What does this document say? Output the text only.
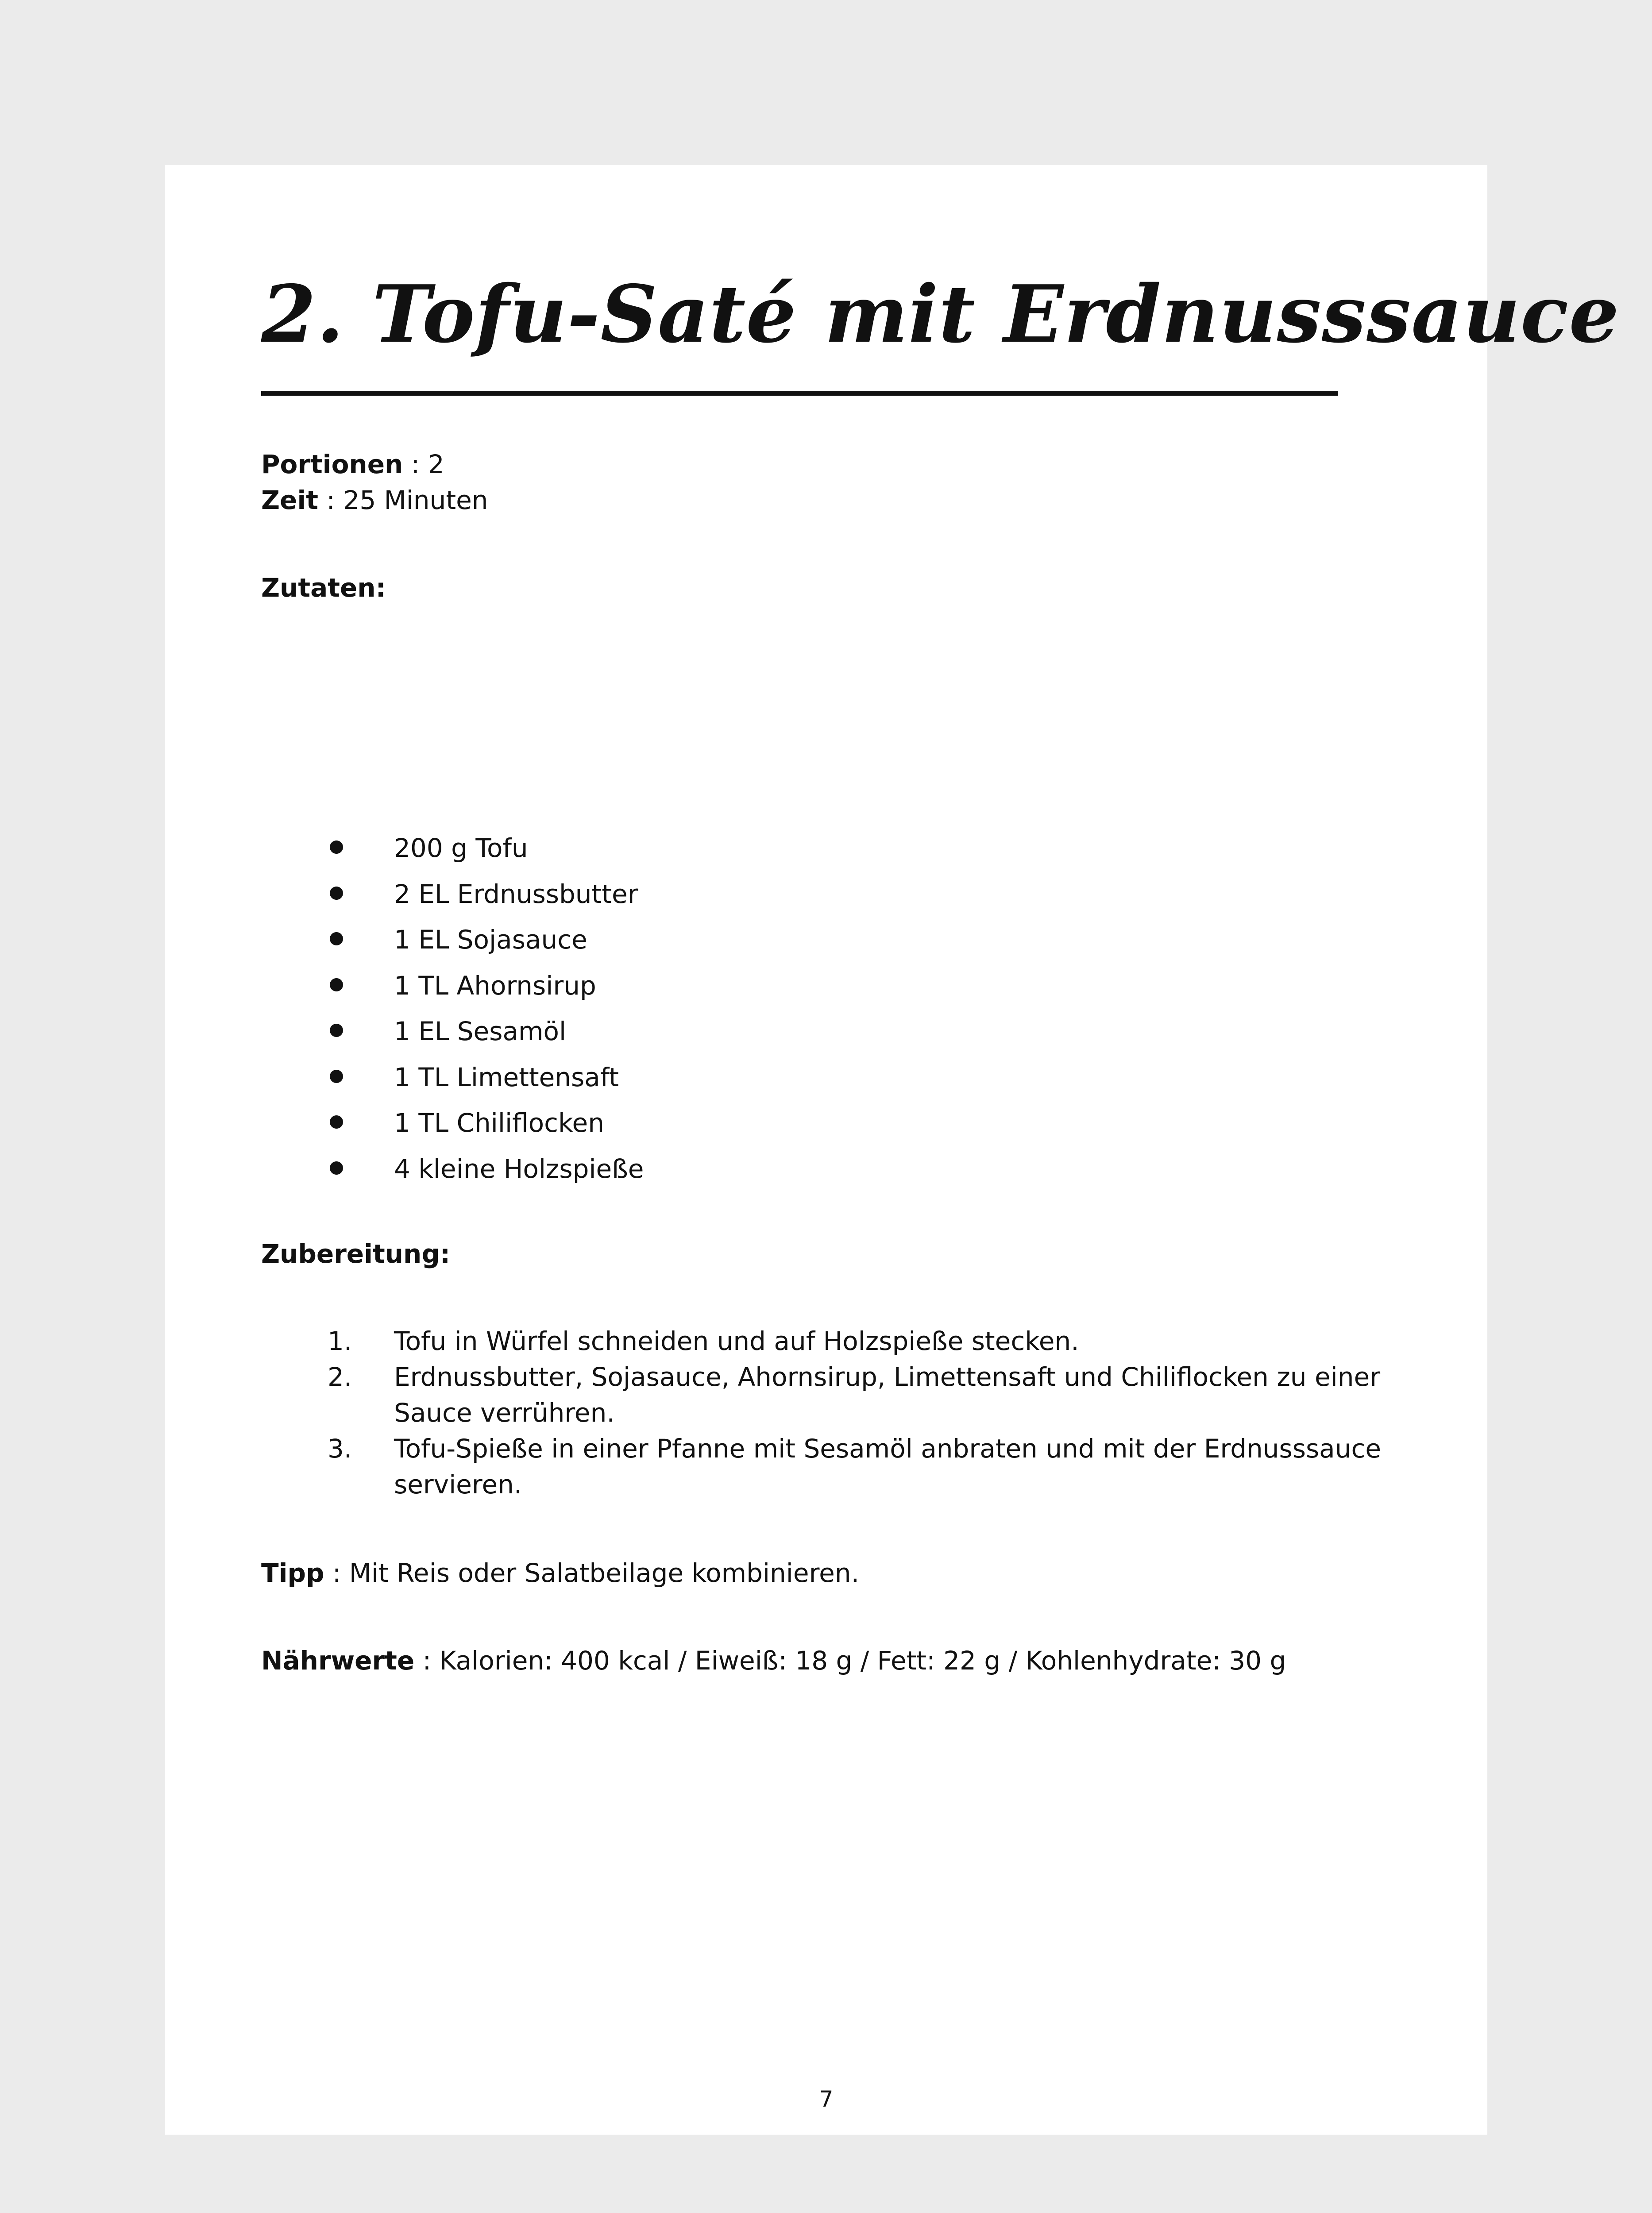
2. Tofu-Saté mit Erdnusssauce
Portionen : 2
Zeit : 25 Minuten
Zutaten:
200 g Tofu
2 EL Erdnussbutter
1 EL Sojasauce
1 TL Ahornsirup
1 EL Sesamöl
1 TL Limettensaft
1 TL Chiliflocken
4 kleine Holzspieße
Zubereitung:
1.	Tofu in Würfel schneiden und auf Holzspieße stecken.
2.	Erdnussbutter, Sojasauce, Ahornsirup, Limettensaft und Chiliflocken zu einer Sauce verrühren.
3.	Tofu-Spieße in einer Pfanne mit Sesamöl anbraten und mit der Erdnusssauce servieren.
Tipp : Mit Reis oder Salatbeilage kombinieren.
Nährwerte : Kalorien: 400 kcal / Eiweiß: 18 g / Fett: 22 g / Kohlenhydrate: 30 g
7
